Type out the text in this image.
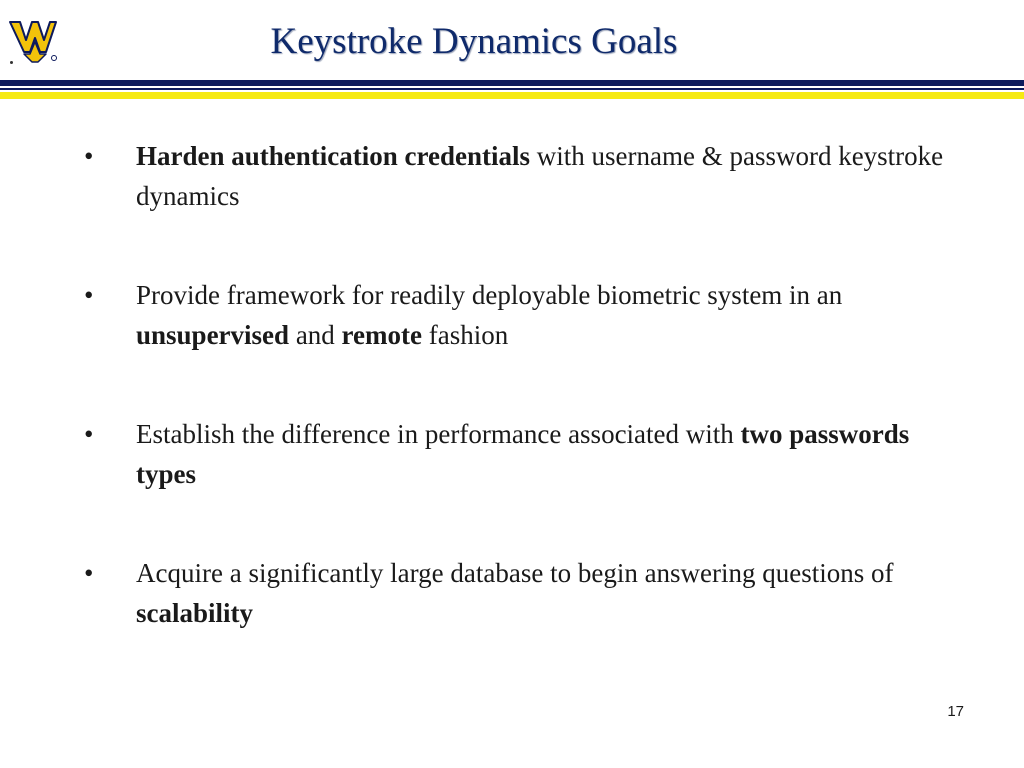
Keystroke Dynamics Goals
•	Harden authentication credentials with username & password keystroke dynamics
•	Provide framework for readily deployable biometric system in an unsupervised and remote fashion
•	Establish the difference in performance associated with two passwords types
•	Acquire a significantly large database to begin answering questions of scalability
17
